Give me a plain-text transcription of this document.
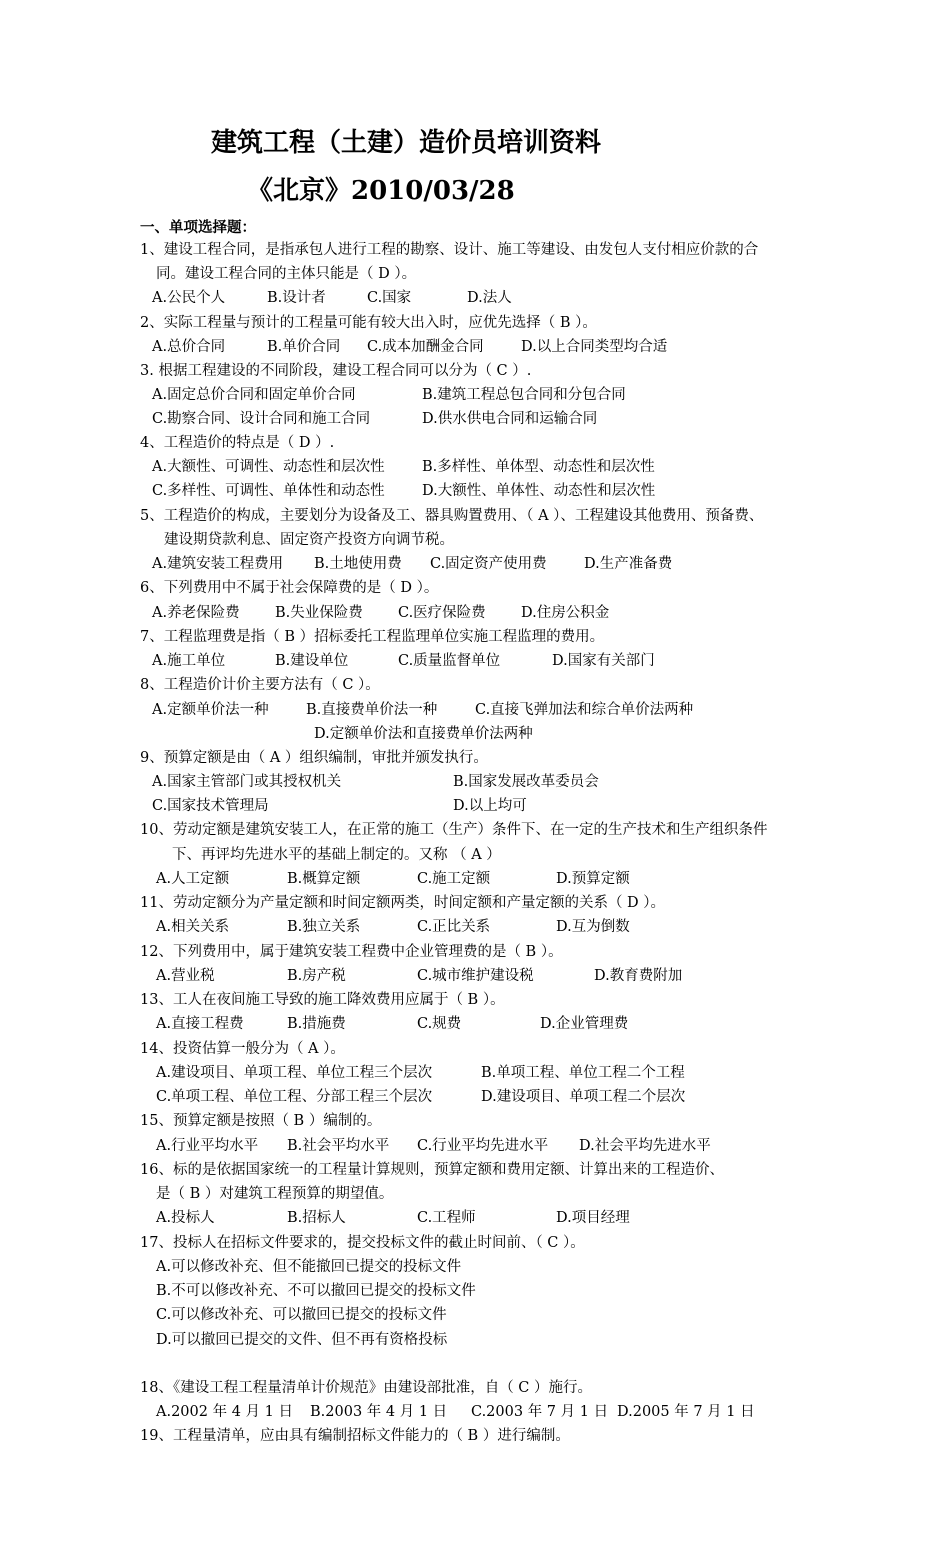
建筑工程（土建）造价员培训资料
《北京》2010/03/28
一、单项选择题：
1、建设工程合同，是指承包人进行工程的勘察、设计、施工等建设、由发包人支付相应价款的合
同。建设工程合同的主体只能是（ D ）。
A.公民个人	B.设计者	C.国家	D.法人
2、实际工程量与预计的工程量可能有较大出入时，应优先选择（ B ）。
A.总价合同	B.单价合同 C.成本加酬金合同	D.以上合同类型均合适
3. 根据工程建设的不同阶段，建设工程合同可以分为（ C ）.
A.固定总价合同和固定单价合同	B.建筑工程总包合同和分包合同
C.勘察合同、设计合同和施工合同	D.供水供电合同和运输合同
4、工程造价的特点是（ D ）.
A.大额性、可调性、动态性和层次性	B.多样性、单体型、动态性和层次性
C.多样性、可调性、单体性和动态性	D.大额性、单体性、动态性和层次性
5、工程造价的构成，主要划分为设备及工、器具购置费用、（ A ）、工程建设其他费用、预备费、
建设期贷款利息、固定资产投资方向调节税。
A.建筑安装工程费用 B.土地使用费 C.固定资产使用费	D.生产准备费
6、下列费用中不属于社会保障费的是（ D ）。
A.养老保险费 B.失业保险费 C.医疗保险费 D.住房公积金
7、工程监理费是指（ B ）招标委托工程监理单位实施工程监理的费用。
A.施工单位	B.建设单位	C.质量监督单位	D.国家有关部门
8、工程造价计价主要方法有（ C ）。
A.定额单价法一种	B.直接费单价法一种	C.直接飞弹加法和综合单价法两种
D.定额单价法和直接费单价法两种
9、预算定额是由（ A ）组织编制，审批并颁发执行。
A.国家主管部门或其授权机关	B.国家发展改革委员会
C.国家技术管理局	D.以上均可
10、劳动定额是建筑安装工人，在正常的施工（生产）条件下、在一定的生产技术和生产组织条件
下、再评均先进水平的基础上制定的。又称 （ A ）
A.人工定额	B.概算定额	C.施工定额	D.预算定额
11、劳动定额分为产量定额和时间定额两类，时间定额和产量定额的关系（ D ）。
A.相关关系	B.独立关系	C.正比关系	D.互为倒数
12、下列费用中，属于建筑安装工程费中企业管理费的是（ B ）。
A.营业税	B.房产税	C.城市维护建设税	D.教育费附加
13、工人在夜间施工导致的施工降效费用应属于（ B ）。
A.直接工程费	B.措施费	C.规费	D.企业管理费
14、投资估算一般分为（ A ）。
A.建设项目、单项工程、单位工程三个层次	B.单项工程、单位工程二个工程
C.单项工程、单位工程、分部工程三个层次	D.建设项目、单项工程二个层次
15、预算定额是按照（ B ）编制的。
A.行业平均水平 B.社会平均水平 C.行业平均先进水平 D.社会平均先进水平
16、标的是依据国家统一的工程量计算规则，预算定额和费用定额、计算出来的工程造价、
是（ B ）对建筑工程预算的期望值。
A.投标人	B.招标人	C.工程师	D.项目经理
17、投标人在招标文件要求的，提交投标文件的截止时间前、（ C ）。
A.可以修改补充、但不能撤回已提交的投标文件
B.不可以修改补充、不可以撤回已提交的投标文件
C.可以修改补充、可以撤回已提交的投标文件
D.可以撤回已提交的文件、但不再有资格投标
18、《建设工程工程量清单计价规范》由建设部批准，自（ C ）施行。
A.2002 年 4 月 1 日 B.2003 年 4 月 1 日 C.2003 年 7 月 1 日 D.2005 年 7 月 1 日
19、工程量清单，应由具有编制招标文件能力的（ B ）进行编制。
